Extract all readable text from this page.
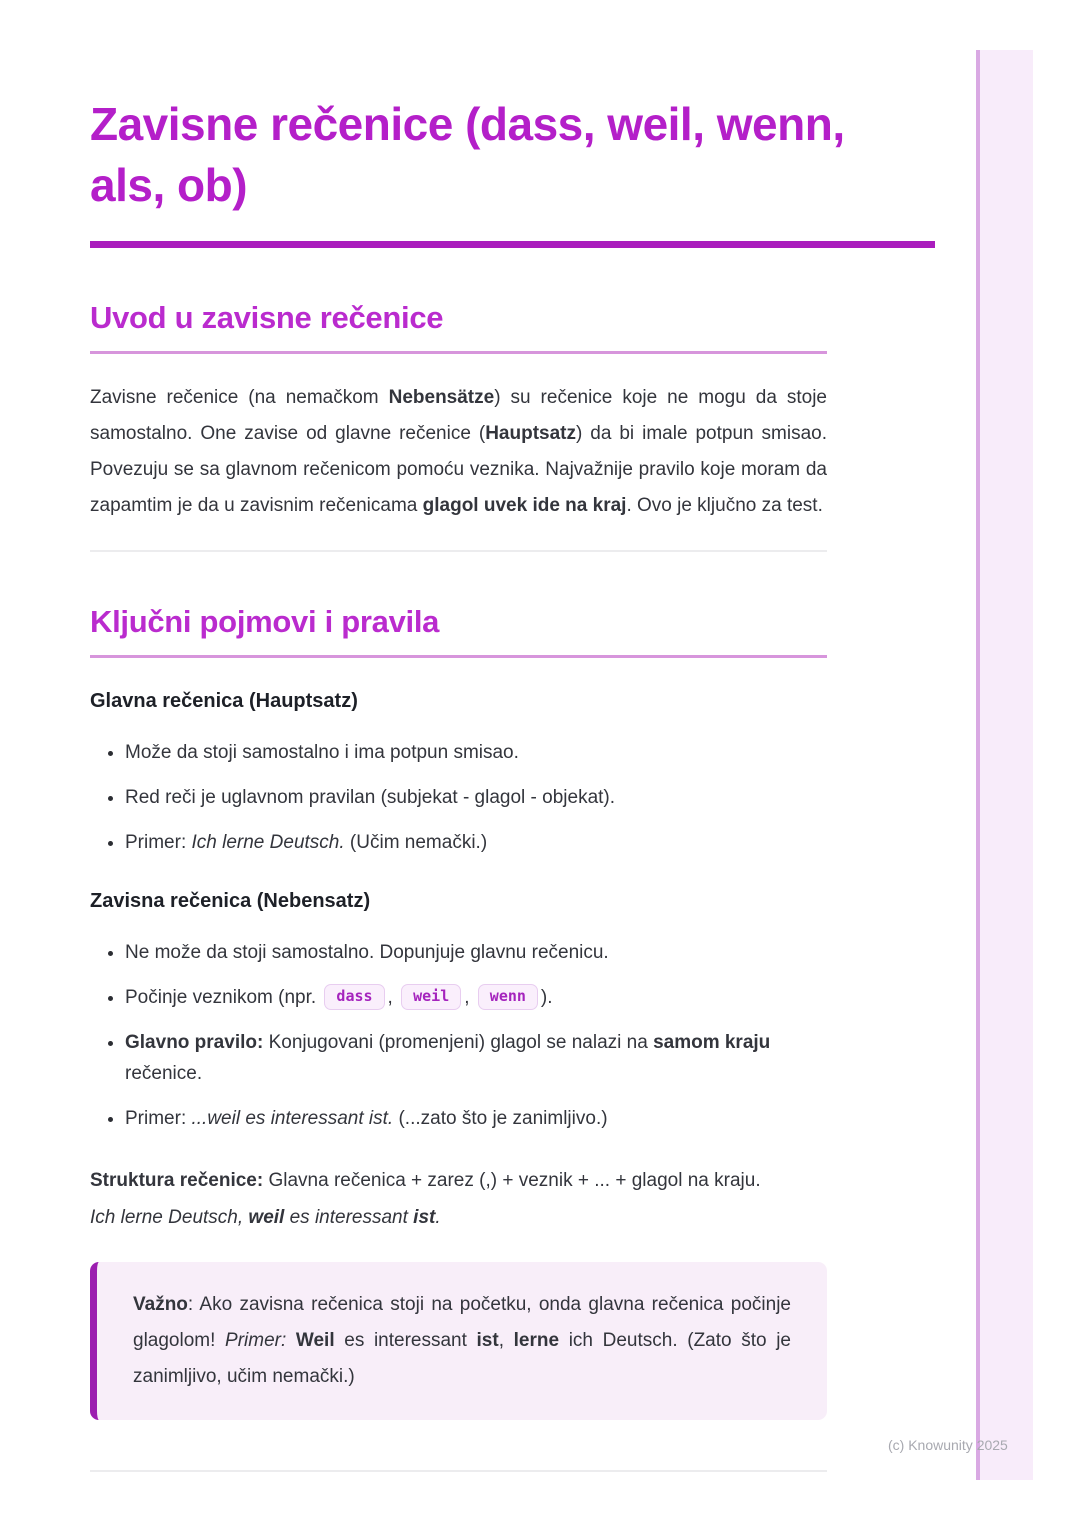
Zavisne rečenice (dass, weil, wenn, als, ob)
Uvod u zavisne rečenice

Zavisne rečenice (na nemačkom Nebensätze) su rečenice koje ne mogu da stoje samostalno. One zavise od glavne rečenice (Hauptsatz) da bi imale potpun smisao. Povezuju se sa glavnom rečenicom pomoću veznika. Najvažnije pravilo koje moram da zapamtim je da u zavisnim rečenicama glagol uvek ide na kraj. Ovo je ključno za test.

Ključni pojmovi i pravila
Glavna rečenica (Hauptsatz)
• Može da stoji samostalno i ima potpun smisao.
• Red reči je uglavnom pravilan (subjekat - glagol - objekat).
• Primer: Ich lerne Deutsch. (Učim nemački.)
Zavisna rečenica (Nebensatz)
• Ne može da stoji samostalno. Dopunjuje glavnu rečenicu.
• Počinje veznikom (npr. dass , weil , wenn ).
• Glavno pravilo: Konjugovani (promenjeni) glagol se nalazi na samom kraju rečenice.
• Primer: ...weil es interessant ist. (...zato što je zanimljivo.)

Struktura rečenice: Glavna rečenica + zarez (,) + veznik + ... + glagol na kraju.
Ich lerne Deutsch, weil es interessant ist.

Važno: Ako zavisna rečenica stoji na početku, onda glavna rečenica počinje glagolom! Primer: Weil es interessant ist, lerne ich Deutsch. (Zato što je zanimljivo, učim nemački.)

(c) Knowunity 2025
